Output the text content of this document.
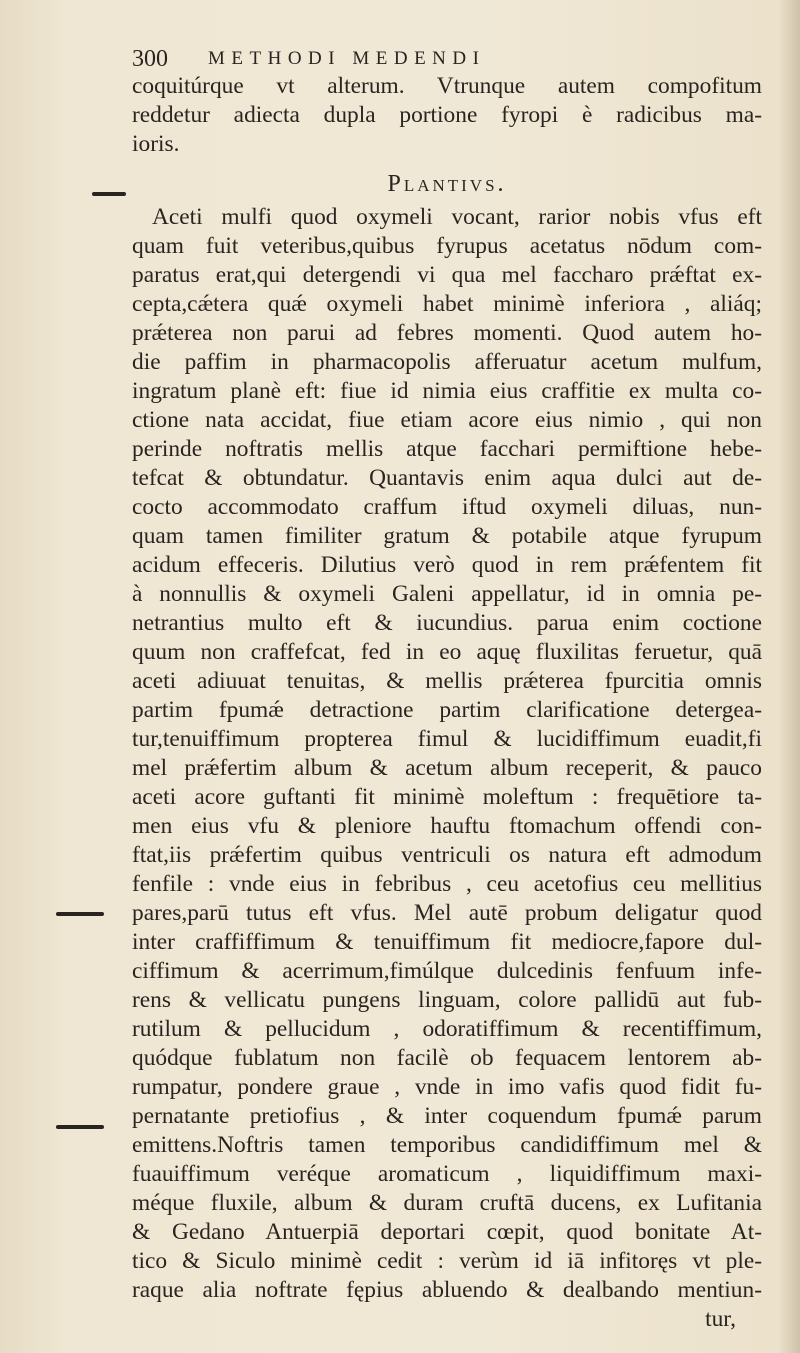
300 METHODI MEDENDI
coquitúrque vt alterum. Vtrunque autem compofitum
reddetur adiecta dupla portione fyropi è radicibus ma-
ioris.
Plantivs.
Aceti mulfi quod oxymeli vocant, rarior nobis vfus eft
quam fuit veteribus,quibus fyrupus acetatus nōdum com-
paratus erat,qui detergendi vi qua mel faccharo prǽftat ex-
cepta,cǽtera quǽ oxymeli habet minimè inferiora , aliáq;
prǽterea non parui ad febres momenti. Quod autem ho-
die paffim in pharmacopolis afferuatur acetum mulfum,
ingratum planè eft: fiue id nimia eius craffitie ex multa co-
ctione nata accidat, fiue etiam acore eius nimio , qui non
perinde noftratis mellis atque facchari permiftione hebe-
tefcat & obtundatur. Quantavis enim aqua dulci aut de-
cocto accommodato craffum iftud oxymeli diluas, nun-
quam tamen fimiliter gratum & potabile atque fyrupum
acidum effeceris. Dilutius verò quod in rem prǽfentem fit
à nonnullis & oxymeli Galeni appellatur, id in omnia pe-
netrantius multo eft & iucundius. parua enim coctione
quum non craffefcat, fed in eo aquę fluxilitas feruetur, quā
aceti adiuuat tenuitas, & mellis prǽterea fpurcitia omnis
partim fpumǽ detractione partim clarificatione detergea-
tur,tenuiffimum propterea fimul & lucidiffimum euadit,fi
mel prǽfertim album & acetum album receperit, & pauco
aceti acore guftanti fit minimè moleftum : frequētiore ta-
men eius vfu & pleniore hauftu ftomachum offendi con-
ftat,iis prǽfertim quibus ventriculi os natura eft admodum
fenfile : vnde eius in febribus , ceu acetofius ceu mellitius
pares,parū tutus eft vfus. Mel autē probum deligatur quod
inter craffiffimum & tenuiffimum fit mediocre,fapore dul-
ciffimum & acerrimum,fimúlque dulcedinis fenfuum infe-
rens & vellicatu pungens linguam, colore pallidū aut fub-
rutilum & pellucidum , odoratiffimum & recentiffimum,
quódque fublatum non facilè ob fequacem lentorem ab-
rumpatur, pondere graue , vnde in imo vafis quod fidit fu-
pernatante pretiofius , & inter coquendum fpumǽ parum
emittens.Noftris tamen temporibus candidiffimum mel &
fuauiffimum veréque aromaticum , liquidiffimum maxi-
méque fluxile, album & duram cruftā ducens, ex Lufitania
& Gedano Antuerpiā deportari cœpit, quod bonitate At-
tico & Siculo minimè cedit : verùm id iā infitoręs vt ple-
raque alia noftrate fępius abluendo & dealbando mentiun-
tur,
